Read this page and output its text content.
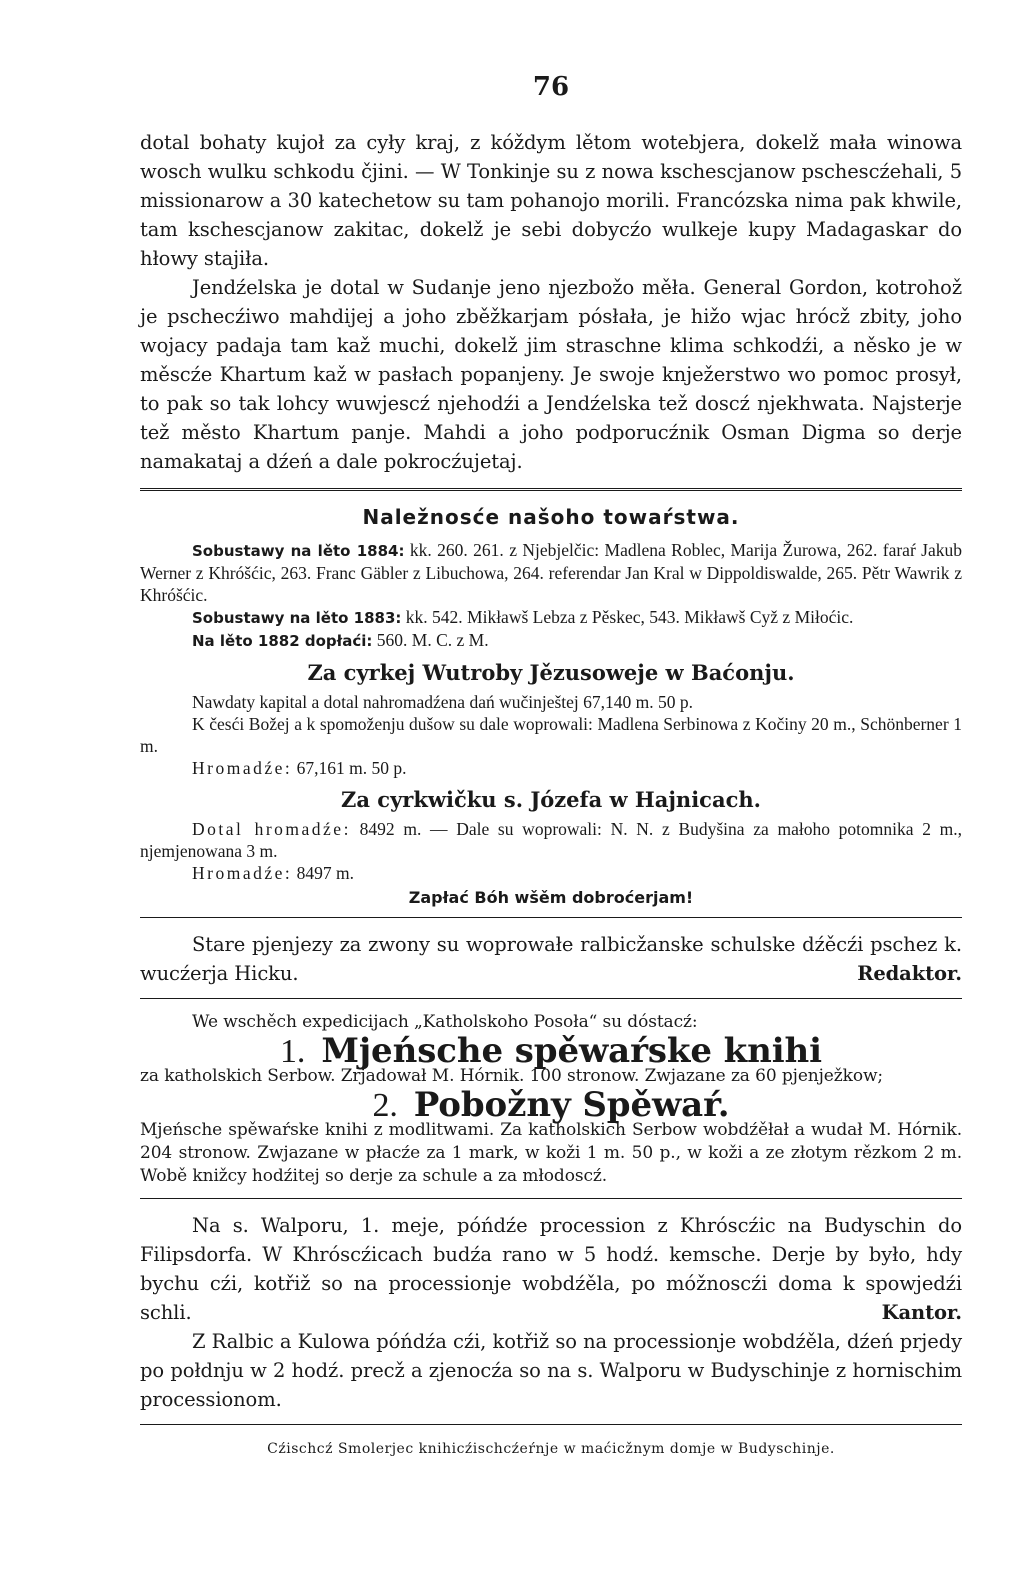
76

dotal bohaty kujoł za cyły kraj, z kóždym lětom wotebjera, dokelž mała winowa wosch wulku schkodu čjini. — W Tonkinje su z nowa kschescjanow pschescźehali, 5 missionarow a 30 katechetow su tam pohanojo morili. Francózska nima pak khwile, tam kschescjanow zakitac, dokelž je sebi dobycźo wulkeje kupy Madagaskar do hłowy stajiła.

Jendźelska je dotal w Sudanje jeno njezbožo měła. General Gordon, kotrohož je pschecźiwo mahdijej a joho zběžkarjam pósłała, je hižo wjac hrócž zbity, joho wojacy padaja tam kaž muchi, dokelž jim straschne klima schkodźi, a něsko je w měscźe Khartum kaž w pasłach popanjeny. Je swoje knježerstwo wo pomoc prosył, to pak so tak lohcy wuwjescź njehodźi a Jendźelska tež doscź njekhwata. Najsterje tež město Khartum panje. Mahdi a joho podporucźnik Osman Digma so derje namakataj a dźeń a dale pokrocźujetaj.

Naležnosće našoho towaŕstwa.

Sobustawy na lěto 1884: kk. 260. 261. z Njebjelčic: Madlena Roblec, Marija Žurowa, 262. faraŕ Jakub Werner z Khróšćic, 263. Franc Gäbler z Libuchowa, 264. referendar Jan Kral w Dippoldiswalde, 265. Pětr Wawrik z Khróšćic.

Sobustawy na lěto 1883: kk. 542. Mikławš Lebza z Pěskec, 543. Mikławš Cyž z Miłoćic.

Na lěto 1882 dopłaći: 560. M. C. z M.

Za cyrkej Wutroby Jězusoweje w Baćonju.

Nawdaty kapital a dotal nahromadźena dań wučinještej 67,140 m. 50 p.

K česći Božej a k spomoženju dušow su dale woprowali: Madlena Serbinowa z Kočiny 20 m., Schönberner 1 m.

Hromadźe: 67,161 m. 50 p.

Za cyrkwičku s. Józefa w Hajnicach.

Dotal hromadźe: 8492 m. — Dale su woprowali: N. N. z Budyšina za małoho potomnika 2 m., njemjenowana 3 m.

Hromadźe: 8497 m.

Zapłać Bóh wšěm dobroćerjam!

Stare pjenjezy za zwony su woprowałe ralbicžanske schulske dźěcźi pschez k. wucźerja Hicku.	Redaktor.

We wschěch expedicijach „Katholskoho Posoła“ su dóstacź:

1. Mjeńsche spěwaŕske knihi

za katholskich Serbow. Zrjadował M. Hórnik. 100 stronow. Zwjazane za 60 pjenježkow;

2. Pobožny Spěwaŕ.

Mjeńsche spěwaŕske knihi z modlitwami. Za katholskich Serbow wobdźěłał a wudał M. Hórnik. 204 stronow. Zwjazane w płacźe za 1 mark, w koži 1 m. 50 p., w koži a ze złotym rězkom 2 m. Wobě knižcy hodźitej so derje za schule a za młodoscź.

Na s. Walporu, 1. meje, póńdźe procession z Khróscźic na Budyschin do Filipsdorfa. W Khróscźicach budźa rano w 5 hodź. kemsche. Derje by było, hdy bychu cźi, kotřiž so na processionje wobdźěla, po móžnoscźi doma k spowjedźi schli.	Kantor.

Z Ralbic a Kulowa póńdźa cźi, kotřiž so na processionje wobdźěla, dźeń prjedy po połdnju w 2 hodź. precž a zjenocźa so na s. Walporu w Budyschinje z hornischim processionom.

Cźischcź Smolerjec knihicźischcźeŕnje w maćicžnym domje w Budyschinje.
